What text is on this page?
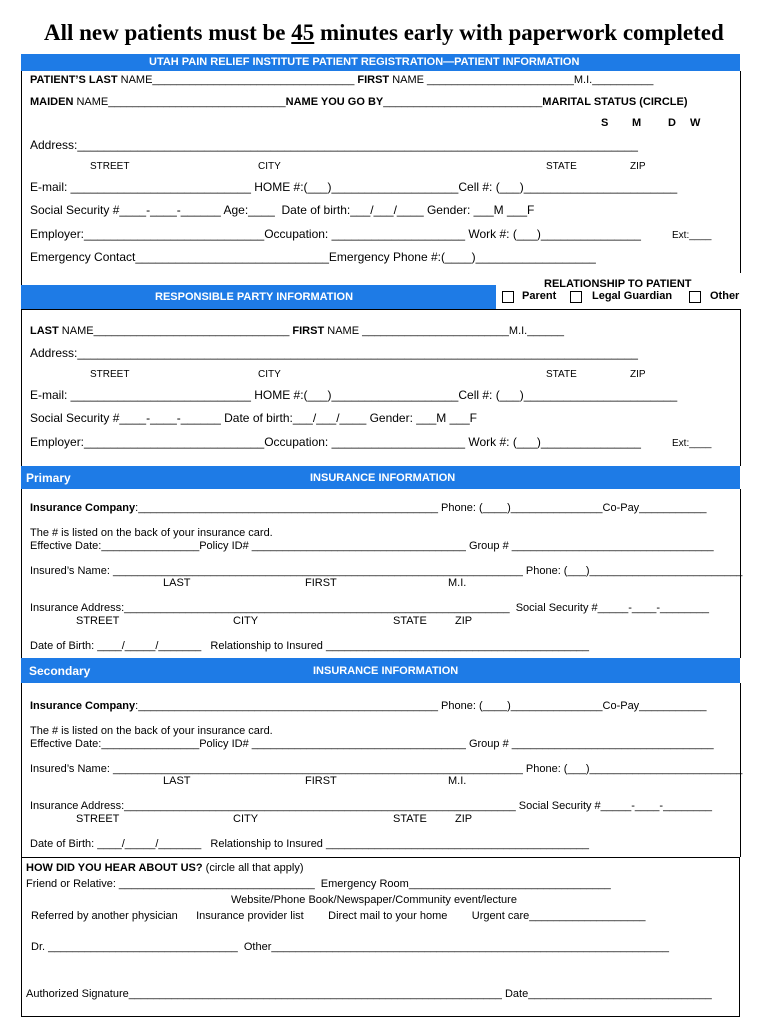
All new patients must be 45 minutes early with paperwork completed
UTAH PAIN RELIEF INSTITUTE PATIENT REGISTRATION—PATIENT INFORMATION
PATIENT’S LAST NAME_________________________________ FIRST NAME ________________________M.I.__________
MAIDEN NAME_____________________________NAME YOU GO BY__________________________MARITAL STATUS (CIRCLE)
S M D W
Address:____________________________________________________________________________________
STREET	CITY	STATE	ZIP
E-mail: ___________________________ HOME #:(___)___________________Cell #: (___)_______________________
Social Security #____-____-______ Age:____  Date of birth:___/___/____ Gender: ___M ___F
Employer:___________________________Occupation: ____________________ Work #: (___)_______________	Ext:____
Emergency Contact_____________________________Emergency Phone #:(____)__________________
RELATIONSHIP TO PATIENT
Parent	Legal Guardian	Other
RESPONSIBLE PARTY INFORMATION
LAST NAME________________________________ FIRST NAME ________________________M.I.______
Address:____________________________________________________________________________________
STREET	CITY	STATE	ZIP
E-mail: ___________________________ HOME #:(___)___________________Cell #: (___)_______________________
Social Security #____-____-______ Date of birth:___/___/____ Gender: ___M ___F
Employer:___________________________Occupation: ____________________ Work #: (___)_______________	Ext:____
Primary	INSURANCE INFORMATION
Insurance Company:_________________________________________________ Phone: (____)_______________Co-Pay___________
The # is listed on the back of your insurance card.
Effective Date:________________Policy ID# ___________________________________ Group # _________________________________
Insured’s Name: ___________________________________________________________________ Phone: (___)_________________________
LAST	FIRST	M.I.
Insurance Address:_______________________________________________________________  Social Security #_____-____-________
STREET	CITY	STATE	ZIP
Date of Birth: ____/_____/_______   Relationship to Insured ___________________________________________
Secondary	INSURANCE INFORMATION
Insurance Company:_________________________________________________ Phone: (____)_______________Co-Pay___________
The # is listed on the back of your insurance card.
Effective Date:________________Policy ID# ___________________________________ Group # _________________________________
Insured’s Name: ___________________________________________________________________ Phone: (___)_________________________
LAST	FIRST	M.I.
Insurance Address:________________________________________________________________ Social Security #_____-____-________
STREET	CITY	STATE	ZIP
Date of Birth: ____/_____/_______   Relationship to Insured ___________________________________________
HOW DID YOU HEAR ABOUT US? (circle all that apply)
Friend or Relative: ________________________________  Emergency Room_________________________________
Website/Phone Book/Newspaper/Community event/lecture
Referred by another physician      Insurance provider list        Direct mail to your home        Urgent care___________________
Dr. _______________________________  Other_________________________________________________________________
Authorized Signature_____________________________________________________________ Date______________________________
